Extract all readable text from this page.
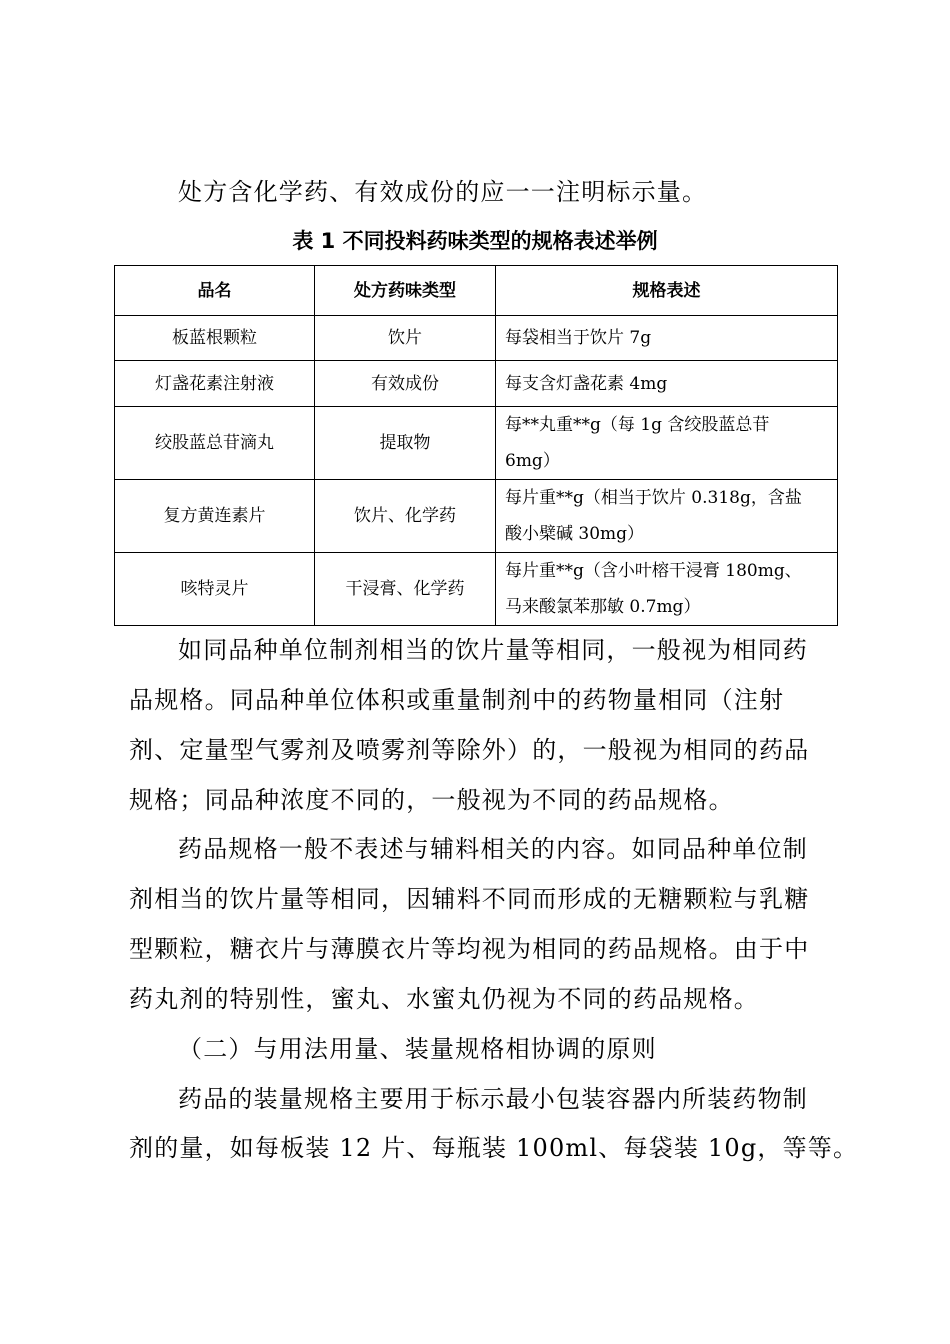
处方含化学药、有效成份的应一一注明标示量。
表 1 不同投料药味类型的规格表述举例
品名	处方药味类型	规格表述
板蓝根颗粒	饮片	每袋相当于饮片 7g
灯盏花素注射液	有效成份	每支含灯盏花素 4mg
绞股蓝总苷滴丸	提取物	每**丸重**g（每 1g 含绞股蓝总苷
6mg）
复方黄连素片	饮片、化学药	每片重**g（相当于饮片 0.318g，含盐
酸小檗碱 30mg）
咳特灵片	干浸膏、化学药	每片重**g（含小叶榕干浸膏 180mg、
马来酸氯苯那敏 0.7mg）
如同品种单位制剂相当的饮片量等相同，一般视为相同药
品规格。同品种单位体积或重量制剂中的药物量相同（注射
剂、定量型气雾剂及喷雾剂等除外）的，一般视为相同的药品
规格；同品种浓度不同的，一般视为不同的药品规格。
药品规格一般不表述与辅料相关的内容。如同品种单位制
剂相当的饮片量等相同，因辅料不同而形成的无糖颗粒与乳糖
型颗粒，糖衣片与薄膜衣片等均视为相同的药品规格。由于中
药丸剂的特别性，蜜丸、水蜜丸仍视为不同的药品规格。
（二）与用法用量、装量规格相协调的原则
药品的装量规格主要用于标示最小包装容器内所装药物制
剂的量，如每板装 12 片、每瓶装 100ml、每袋装 10g，等等。
